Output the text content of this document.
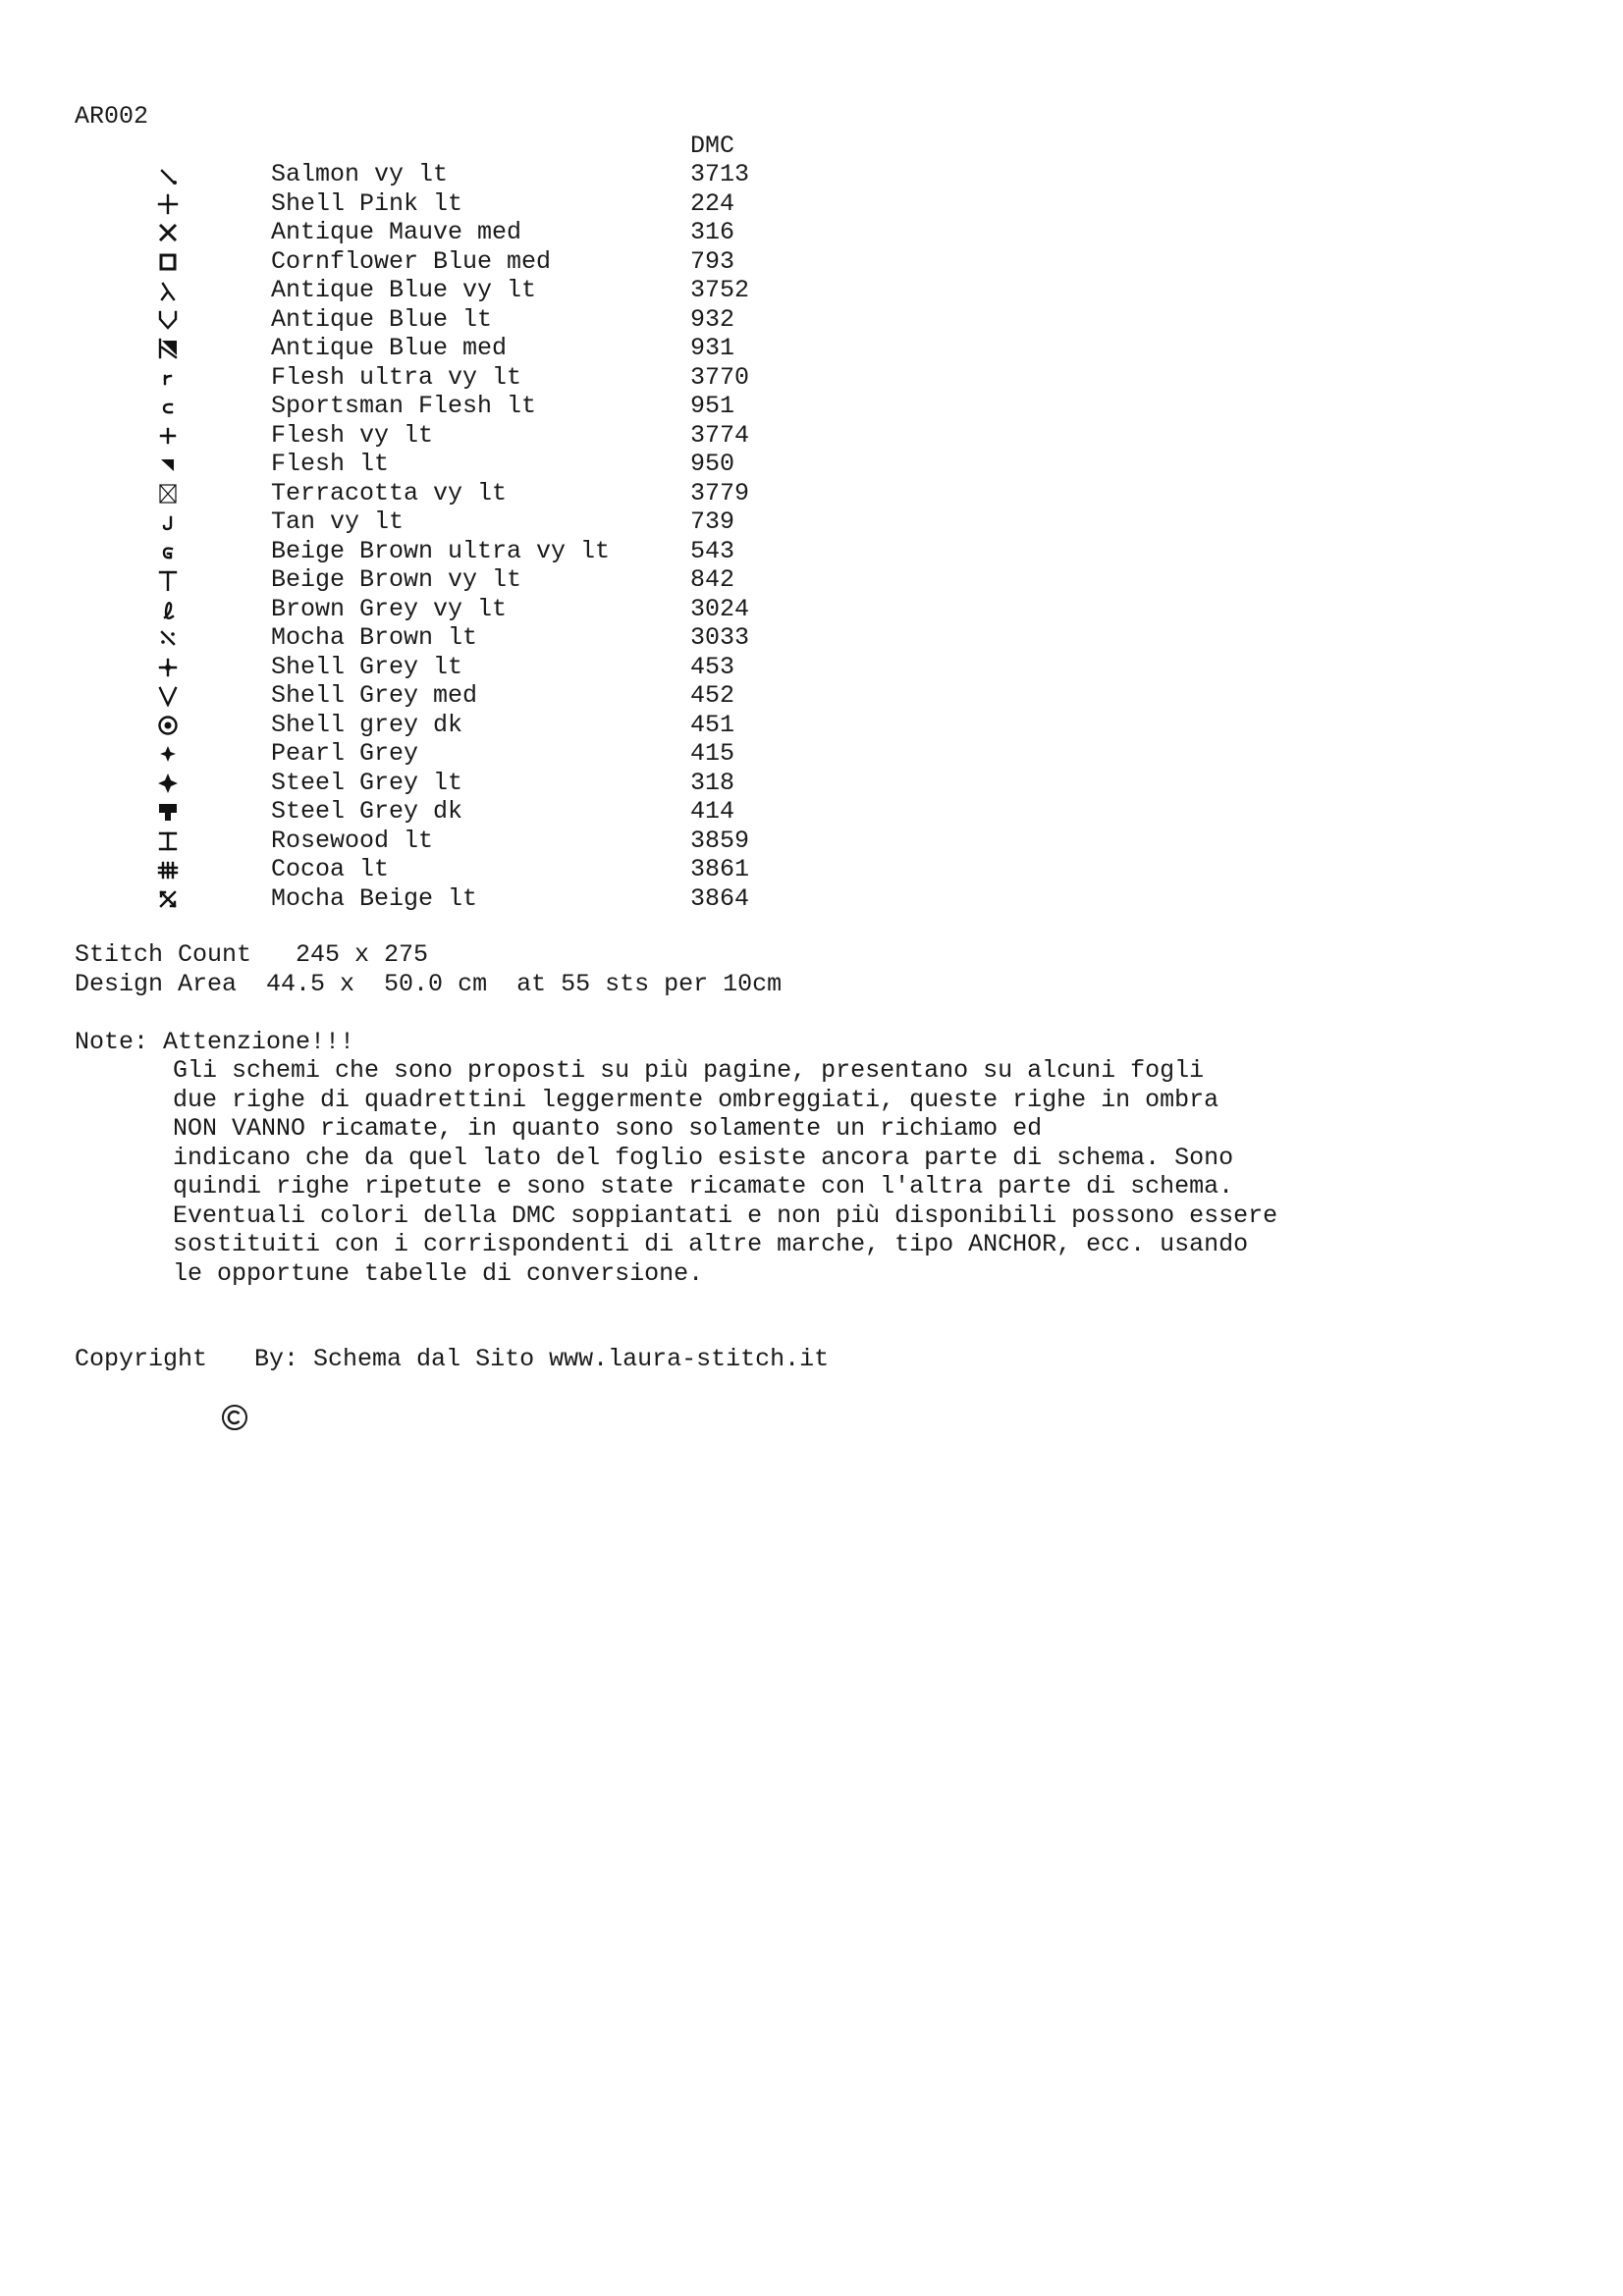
AR002
DMC
Salmon vy lt	3713
Shell Pink lt	224
Antique Mauve med	316
Cornflower Blue med	793
Antique Blue vy lt	3752
Antique Blue lt	932
Antique Blue med	931
Flesh ultra vy lt	3770
Sportsman Flesh lt	951
Flesh vy lt	3774
Flesh lt	950
Terracotta vy lt	3779
Tan vy lt	739
Beige Brown ultra vy lt	543
Beige Brown vy lt	842
Brown Grey vy lt	3024
Mocha Brown lt	3033
Shell Grey lt	453
Shell Grey med	452
Shell grey dk	451
Pearl Grey	415
Steel Grey lt	318
Steel Grey dk	414
Rosewood lt	3859
Cocoa lt	3861
Mocha Beige lt	3864
Stitch Count   245 x 275
Design Area  44.5 x  50.0 cm  at 55 sts per 10cm
Note: Attenzione!!!
Gli schemi che sono proposti su più pagine, presentano su alcuni fogli
due righe di quadrettini leggermente ombreggiati, queste righe in ombra
NON VANNO ricamate, in quanto sono solamente un richiamo ed
indicano che da quel lato del foglio esiste ancora parte di schema. Sono
quindi righe ripetute e sono state ricamate con l'altra parte di schema.
Eventuali colori della DMC soppiantati e non più disponibili possono essere
sostituiti con i corrispondenti di altre marche, tipo ANCHOR, ecc. usando
le opportune tabelle di conversione.
Copyright

By: Schema dal Sito www.laura-stitch.it
